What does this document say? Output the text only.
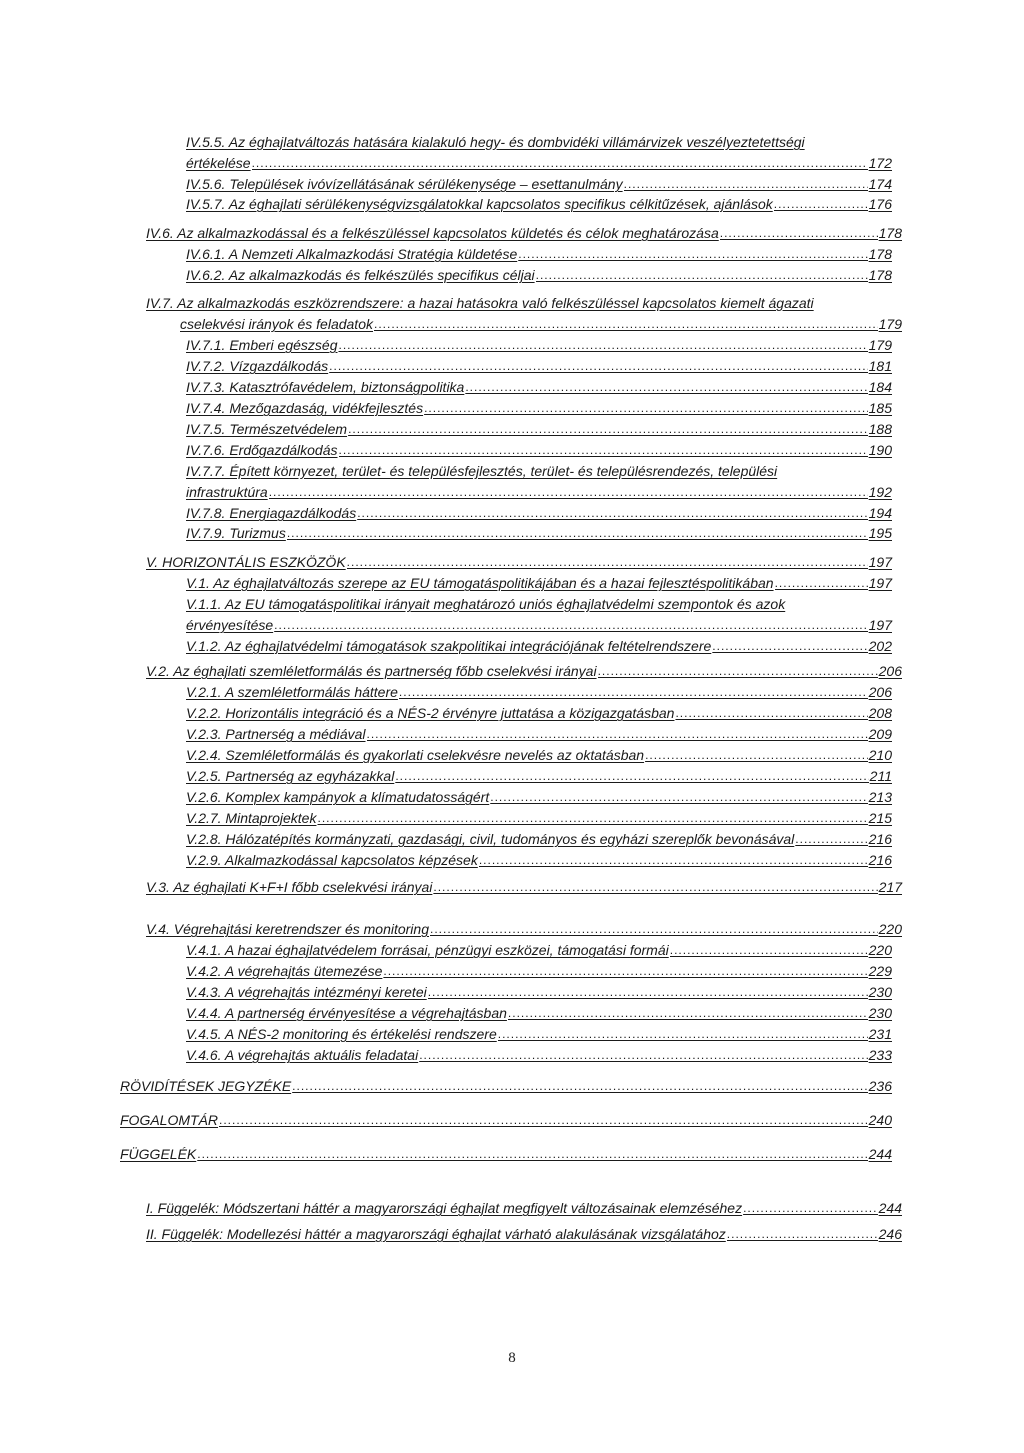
IV.5.5. Az éghajlatváltozás hatására kialakuló hegy- és dombvidéki villámárvizek veszélyeztetettségi
értékelése .....	172
IV.5.6. Települések ivóvízellátásának sérülékenysége – esettanulmány .....	174
IV.5.7. Az éghajlati sérülékenységvizsgálatokkal kapcsolatos specifikus célkitűzések, ajánlások .....	176
IV.6. Az alkalmazkodással és a felkészüléssel kapcsolatos küldetés és célok meghatározása .....	178
IV.6.1. A Nemzeti Alkalmazkodási Stratégia küldetése .....	178
IV.6.2. Az alkalmazkodás és felkészülés specifikus céljai .....	178
IV.7. Az alkalmazkodás eszközrendszere: a hazai hatásokra való felkészüléssel kapcsolatos kiemelt ágazati
cselekvési irányok és feladatok .....	179
IV.7.1. Emberi egészség .....	179
IV.7.2. Vízgazdálkodás .....	181
IV.7.3. Katasztrófavédelem, biztonságpolitika .....	184
IV.7.4. Mezőgazdaság, vidékfejlesztés .....	185
IV.7.5. Természetvédelem .....	188
IV.7.6. Erdőgazdálkodás .....	190
IV.7.7. Épített környezet, terület- és településfejlesztés, terület- és településrendezés, települési
infrastruktúra .....	192
IV.7.8. Energiagazdálkodás .....	194
IV.7.9. Turizmus .....	195
V. HORIZONTÁLIS ESZKÖZÖK .....	197
V.1. Az éghajlatváltozás szerepe az EU támogatáspolitikájában és a hazai fejlesztéspolitikában .....	197
V.1.1. Az EU támogatáspolitikai irányait meghatározó uniós éghajlatvédelmi szempontok és azok
érvényesítése .....	197
V.1.2. Az éghajlatvédelmi támogatások szakpolitikai integrációjának feltételrendszere .....	202
V.2. Az éghajlati szemléletformálás és partnerség főbb cselekvési irányai .....	206
V.2.1. A szemléletformálás háttere .....	206
V.2.2. Horizontális integráció és a NÉS-2 érvényre juttatása a közigazgatásban .....	208
V.2.3. Partnerség a médiával .....	209
V.2.4. Szemléletformálás és gyakorlati cselekvésre nevelés az oktatásban .....	210
V.2.5. Partnerség az egyházakkal .....	211
V.2.6. Komplex kampányok a klímatudatosságért .....	213
V.2.7. Mintaprojektek .....	215
V.2.8. Hálózatépítés kormányzati, gazdasági, civil, tudományos és egyházi szereplők bevonásával .....	216
V.2.9. Alkalmazkodással kapcsolatos képzések .....	216
V.3. Az éghajlati K+F+I főbb cselekvési irányai .....	217
V.4. Végrehajtási keretrendszer és monitoring .....	220
V.4.1. A hazai éghajlatvédelem forrásai, pénzügyi eszközei, támogatási formái .....	220
V.4.2. A végrehajtás ütemezése .....	229
V.4.3. A végrehajtás intézményi keretei .....	230
V.4.4. A partnerség érvényesítése a végrehajtásban .....	230
V.4.5. A NÉS-2 monitoring és értékelési rendszere .....	231
V.4.6. A végrehajtás aktuális feladatai .....	233
RÖVIDÍTÉSEK JEGYZÉKE .....	236
FOGALOMTÁR .....	240
FÜGGELÉK .....	244
I. Függelék: Módszertani háttér a magyarországi éghajlat megfigyelt változásainak elemzéséhez .....	244
II. Függelék: Modellezési háttér a magyarországi éghajlat várható alakulásának vizsgálatához .....	246
8
